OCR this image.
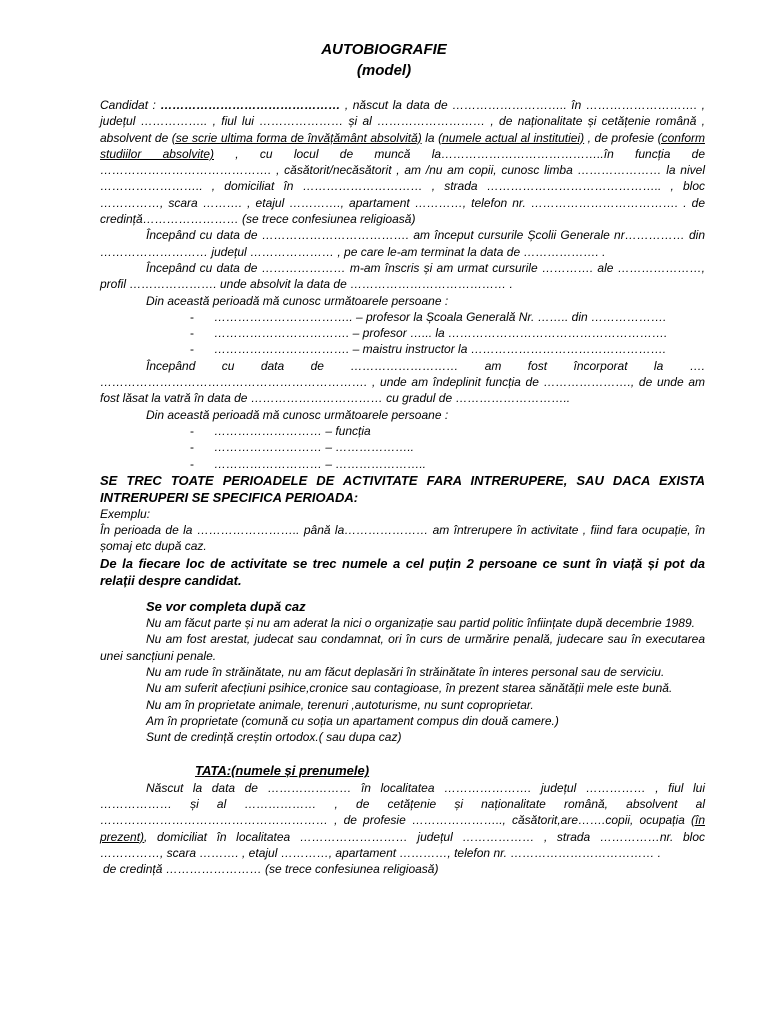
AUTOBIOGRAFIE
(model)

Candidat : ……………………………………… , născut la data de ……………………….. în ………………………. , județul …………….. , fiul lui ………………… și al ……………………… , de naționalitate și cetățenie română , absolvent de (se scrie ultima forma de învățământ absolvită) la (numele actual al institutiei) , de profesie (conform studiilor absolvite) , cu locul de muncă la…………………………………..în funcția de ……………………………………. , căsătorit/necăsătorit , am /nu am copii, cunosc limba ………………… la nivel …………………….. , domiciliat în ………………………… , strada …………………………………….. , bloc ……………, scara ………. , etajul …………., apartament …………, telefon nr. ………………………………. . de credință…………………… (se trece confesiunea religioasă)

Începând cu data de ………………………………. am început cursurile Școlii Generale nr…………… din ……………………… județul ………………… , pe care le-am terminat la data de ………………. .

Începând cu data de ………………… m-am înscris și am urmat cursurile …………. ale …………………, profil …………………. unde absolvit la data de ………………………………… .

Din această perioadă mă cunosc următoarele persoane :

- …………………………….. – profesor la Școala Generală Nr. …….. din ……………….

- ……………………………. – profesor …... la ……………………………………………….

- ……………………………. – maistru instructor la ………………………………………….

Începând cu data de ……………………… am fost încorporat la …. …………………………………………………………. , unde am îndeplinit funcția de …………………., de unde am fost lăsat la vatră în data de …………………………… cu gradul de ………………………..

Din această perioadă mă cunosc următoarele persoane :

- ……………………… – funcția

- ……………………… – ………………..

- ……………………… – …………………..

SE TREC TOATE PERIOADELE DE ACTIVITATE FARA INTRERUPERE, SAU DACA EXISTA INTRERUPERI SE SPECIFICA PERIOADA:

Exemplu:

În perioada de la …………………….. până la………………… am întrerupere în activitate , fiind fara ocupație, în șomaj etc după caz.

De la fiecare loc de activitate se trec numele a cel puțin 2 persoane ce sunt în viață și pot da relații despre candidat.

Se vor completa după caz

Nu am făcut parte și nu am aderat la nici o organizație sau partid politic înființate după decembrie 1989.

Nu am fost arestat, judecat sau condamnat, ori în curs de urmărire penală, judecare sau în executarea unei sancțiuni penale.

Nu am rude în străinătate, nu am făcut deplasări în străinătate în interes personal sau de serviciu.

Nu am suferit afecțiuni psihice,cronice sau contagioase, în prezent starea sănătății mele este bună.

Nu am în proprietate animale, terenuri ,autoturisme, nu sunt coproprietar.

Am în proprietate (comună cu soția un apartament compus din două camere.)

Sunt de credință creștin ortodox.( sau dupa caz)

TATA:(numele și prenumele)

Născut la data de ………………… în localitatea …………………. județul …………… , fiul lui ……………… și al ……………… , de cetățenie și naționalitate română, absolvent al ………………………………………………… , de profesie ………………….., căsătorit,are…….copii, ocupația (în prezent), domiciliat în localitatea ……………………… județul ……………… , strada ……………nr. bloc ……………, scara ………. , etajul …………, apartament …………, telefon nr. ……………………………… .

de credință …………………… (se trece confesiunea religioasă)
